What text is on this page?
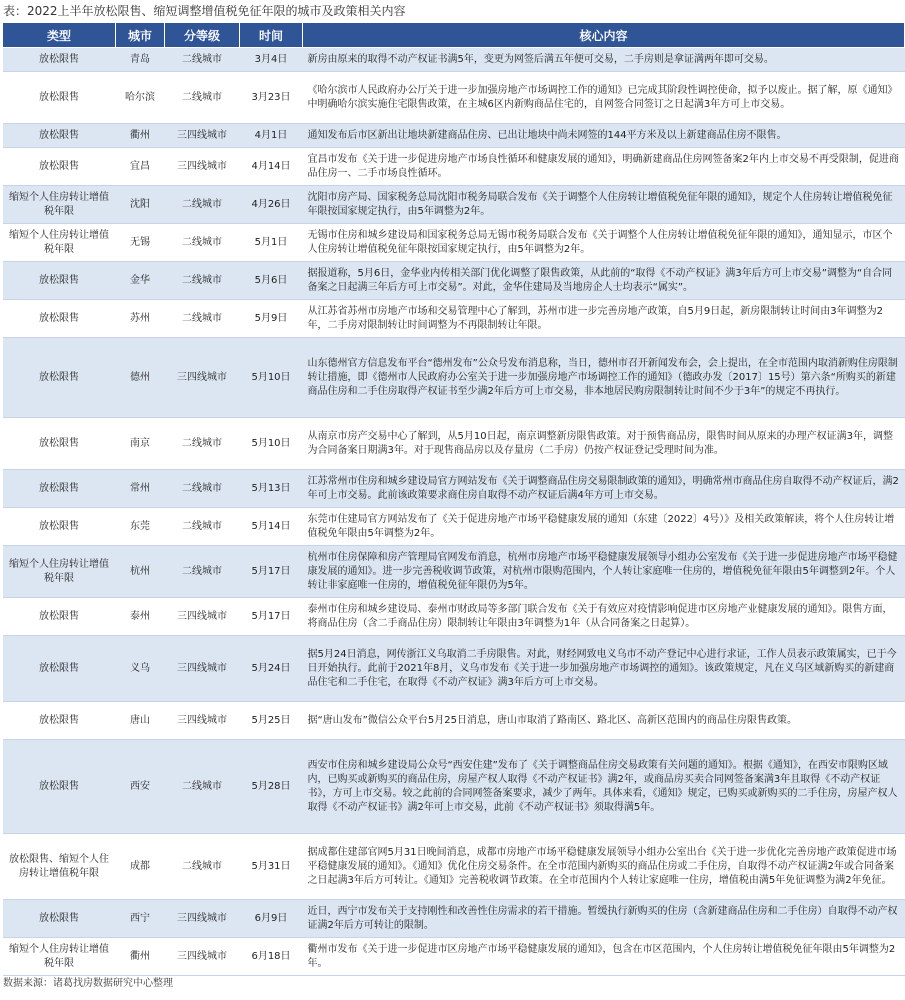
表：2022上半年放松限售、缩短调整增值税免征年限的城市及政策相关内容
类型	城市	分等级	时间	核心内容
放松限售	青岛	二线城市	3月4日	新房由原来的取得不动产权证书满5年，变更为网签后满五年便可交易，二手房则是拿证满两年即可交易。
放松限售	哈尔滨	二线城市	3月23日	《哈尔滨市人民政府办公厅关于进一步加强房地产市场调控工作的通知》已完成其阶段性调控使命，拟予以废止。据了解，原《通知》中明确哈尔滨实施住宅限售政策，在主城6区内新购商品住宅的，自网签合同签订之日起满3年方可上市交易。
放松限售	衢州	三四线城市	4月1日	通知发布后市区新出让地块新建商品住房、已出让地块中尚未网签的144平方米及以上新建商品住房不限售。
放松限售	宜昌	三四线城市	4月14日	宜昌市发布《关于进一步促进房地产市场良性循环和健康发展的通知》，明确新建商品住房网签备案2年内上市交易不再受限制，促进商品住房一、二手市场良性循环。
缩短个人住房转让增值税年限	沈阳	二线城市	4月26日	沈阳市房产局、国家税务总局沈阳市税务局联合发布《关于调整个人住房转让增值税免征年限的通知》，规定个人住房转让增值税免征年限按国家规定执行，由5年调整为2年。
缩短个人住房转让增值税年限	无锡	二线城市	5月1日	无锡市住房和城乡建设局和国家税务总局无锡市税务局联合发布《关于调整个人住房转让增值税免征年限的通知》，通知显示，市区个人住房转让增值税免征年限按国家规定执行，由5年调整为2年。
放松限售	金华	二线城市	5月6日	据报道称，5月6日，金华业内传相关部门优化调整了限售政策，从此前的“取得《不动产权证》满3年后方可上市交易”调整为“自合同备案之日起满三年后方可上市交易”。对此，金华住建局及当地房企人士均表示“属实”。
放松限售	苏州	二线城市	5月9日	从江苏省苏州市房地产市场和交易管理中心了解到，苏州市进一步完善房地产政策，自5月9日起，新房限制转让时间由3年调整为2年，二手房对限制转让时间调整为不再限制转让年限。
放松限售	德州	三四线城市	5月10日	山东德州官方信息发布平台“德州发布”公众号发布消息称，当日，德州市召开新闻发布会，会上提出，在全市范围内取消新购住房限制转让措施，即《德州市人民政府办公室关于进一步加强房地产市场调控工作的通知》（德政办发〔2017〕15号）第六条“所购买的新建商品住房和二手住房取得产权证书至少满2年后方可上市交易，非本地居民购房限制转让时间不少于3年”的规定不再执行。
放松限售	南京	二线城市	5月10日	从南京市房产交易中心了解到，从5月10日起，南京调整新房限售政策。对于预售商品房，限售时间从原来的办理产权证满3年，调整为合同备案日期满3年。对于现售商品房以及存量房（二手房）仍按产权证登记受理时间为准。
放松限售	常州	二线城市	5月13日	江苏常州市住房和城乡建设局官方网站发布《关于调整商品住房交易限制政策的通知》，明确常州市商品住房自取得不动产权证后，满2年可上市交易。此前该政策要求商住房自取得不动产权证后满4年方可上市交易。
放松限售	东莞	二线城市	5月14日	东莞市住建局官方网站发布了《关于促进房地产市场平稳健康发展的通知（东建〔2022〕4号）》及相关政策解读，将个人住房转让增值税免年限由5年调整为2年。
缩短个人住房转让增值税年限	杭州	二线城市	5月17日	杭州市住房保障和房产管理局官网发布消息，杭州市房地产市场平稳健康发展领导小组办公室发布《关于进一步促进房地产市场平稳健康发展的通知》。进一步完善税收调节政策，对杭州市限购范围内，个人转让家庭唯一住房的，增值税免征年限由5年调整到2年。个人转让非家庭唯一住房的，增值税免征年限仍为5年。
放松限售	泰州	三四线城市	5月17日	泰州市住房和城乡建设局、泰州市财政局等多部门联合发布《关于有效应对疫情影响促进市区房地产业健康发展的通知》。限售方面，将商品住房（含二手商品住房）限制转让年限由3年调整为1年（从合同备案之日起算）。
放松限售	义乌	三四线城市	5月24日	据5月24日消息，网传浙江义乌取消二手房限售。对此，财经网致电义乌市不动产登记中心进行求证，工作人员表示政策属实，已于今日开始执行。此前于2021年8月，义乌市发布《关于进一步加强房地产市场调控的通知》。该政策规定，凡在义乌区域新购买的新建商品住宅和二手住宅，在取得《不动产权证》满3年后方可上市交易。
放松限售	唐山	三四线城市	5月25日	据“唐山发布”微信公众平台5月25日消息，唐山市取消了路南区、路北区、高新区范围内的商品住房限售政策。
放松限售	西安	二线城市	5月28日	西安市住房和城乡建设局公众号“西安住建”发布了《关于调整商品住房交易政策有关问题的通知》。根据《通知》，在西安市限购区域内，已购买或新购买的商品住房，房屋产权人取得《不动产权证书》满2年，或商品房买卖合同网签备案满3年且取得《不动产权证书》，方可上市交易。较之此前的合同网签备案要求，减少了两年。具体来看，《通知》规定，已购买或新购买的二手住房，房屋产权人取得《不动产权证书》满2年可上市交易，此前《不动产权证书》须取得满5年。
放松限售、缩短个人住房转让增值税年限	成都	二线城市	5月31日	据成都住建部官网5月31日晚间消息，成都市房地产市场平稳健康发展领导小组办公室出台《关于进一步优化完善房地产政策促进市场平稳健康发展的通知》。《通知》优化住房交易条件。在全市范围内新购买的商品住房或二手住房，自取得不动产权证满2年或合同备案之日起满3年后方可转让。《通知》完善税收调节政策。在全市范围内个人转让家庭唯一住房，增值税由满5年免征调整为满2年免征。
放松限售	西宁	三四线城市	6月9日	近日，西宁市发布关于支持刚性和改善性住房需求的若干措施。暂缓执行新购买的住房（含新建商品住房和二手住房）自取得不动产权证满2年后方可转让的限制。
缩短个人住房转让增值税年限	衢州	三四线城市	6月18日	衢州市发布《关于进一步促进市区房地产市场平稳健康发展的通知》，包含在市区范围内，个人住房转让增值税免征年限由5年调整为2年。
数据来源：诸葛找房数据研究中心整理
